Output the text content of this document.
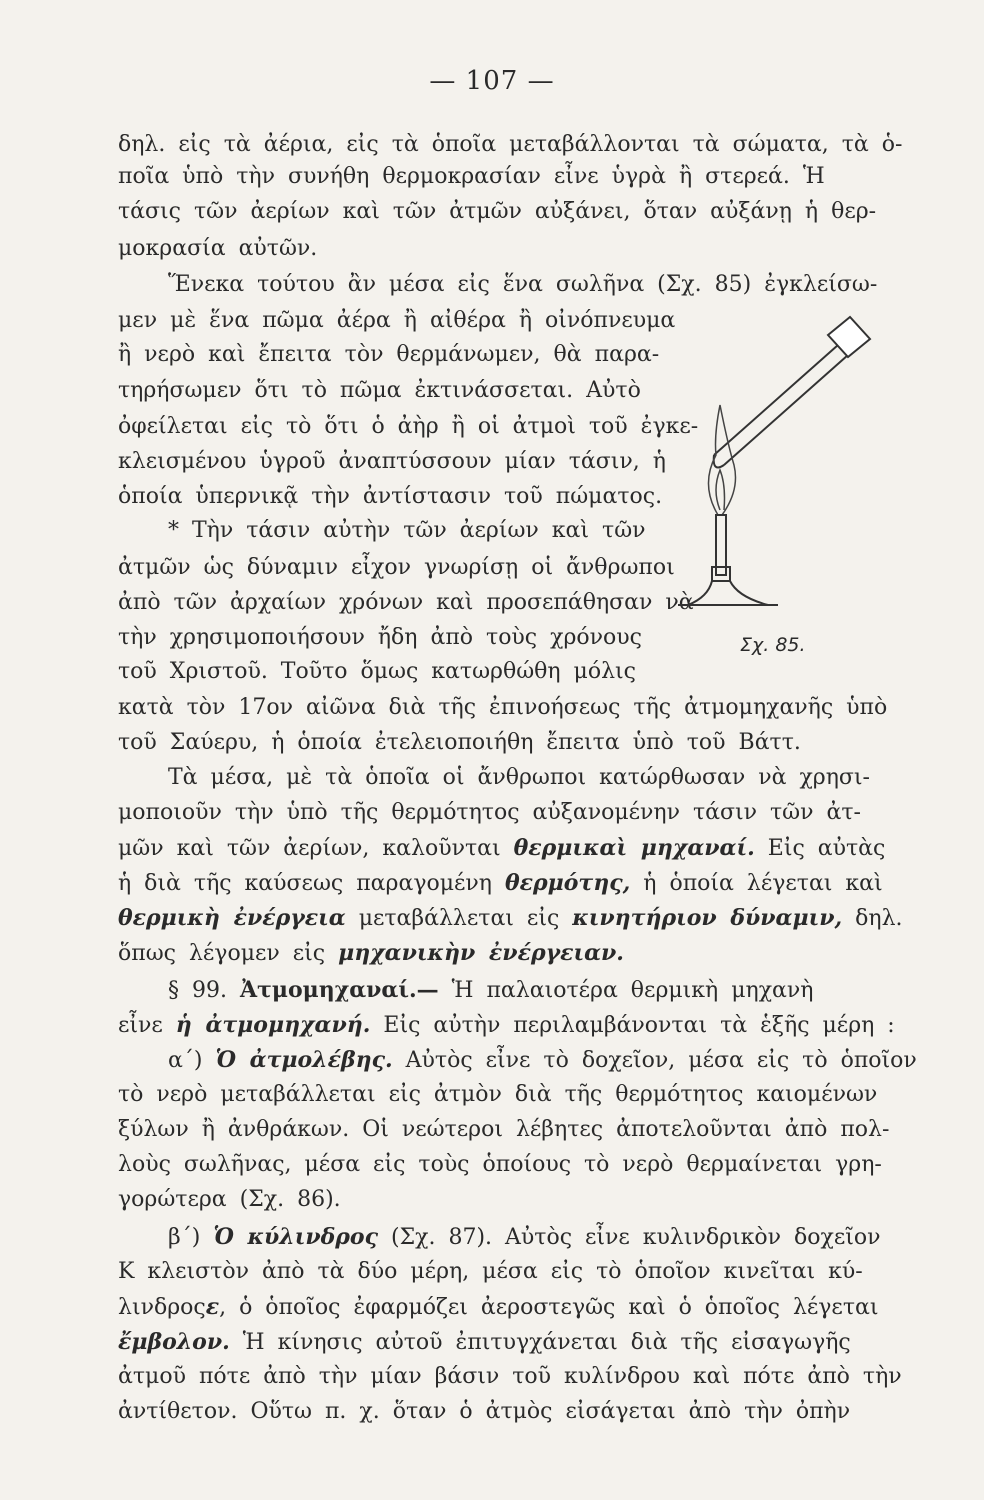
— 107 —
δηλ. εἰς τὰ ἀέρια, εἰς τὰ ὁποῖα μεταβάλλονται τὰ σώματα, τὰ ὁ-
ποῖα ὑπὸ τὴν συνήθη θερμοκρασίαν εἶνε ὑγρὰ ἢ στερεά. Ἡ
τάσις τῶν ἀερίων καὶ τῶν ἀτμῶν αὐξάνει, ὅταν αὐξάνῃ ἡ θερ-
μοκρασία αὐτῶν.
Ἕνεκα τούτου ἂν μέσα εἰς ἕνα σωλῆνα (Σχ. 85) ἐγκλείσω-
μεν μὲ ἕνα πῶμα ἀέρα ἢ αἰθέρα ἢ οἰνόπνευμα
ἢ νερὸ καὶ ἔπειτα τὸν θερμάνωμεν, θὰ παρα-
τηρήσωμεν ὅτι τὸ πῶμα ἐκτινάσσεται. Αὐτὸ
ὀφείλεται εἰς τὸ ὅτι ὁ ἀὴρ ἢ οἱ ἀτμοὶ τοῦ ἐγκε-
κλεισμένου ὑγροῦ ἀναπτύσσουν μίαν τάσιν, ἡ
ὁποία ὑπερνικᾷ τὴν ἀντίστασιν τοῦ πώματος.
* Τὴν τάσιν αὐτὴν τῶν ἀερίων καὶ τῶν
ἀτμῶν ὡς δύναμιν εἶχον γνωρίσῃ οἱ ἄνθρωποι
ἀπὸ τῶν ἀρχαίων χρόνων καὶ προσεπάθησαν νὰ
τὴν χρησιμοποιήσουν ἤδη ἀπὸ τοὺς χρόνους
τοῦ Χριστοῦ. Τοῦτο ὅμως κατωρθώθη μόλις
κατὰ τὸν 17ον αἰῶνα διὰ τῆς ἐπινοήσεως τῆς ἀτμομηχανῆς ὑπὸ
τοῦ Σαύερυ, ἡ ὁποία ἐτελειοποιήθη ἔπειτα ὑπὸ τοῦ Βάττ.
Τὰ μέσα, μὲ τὰ ὁποῖα οἱ ἄνθρωποι κατώρθωσαν νὰ χρησι-
μοποιοῦν τὴν ὑπὸ τῆς θερμότητος αὐξανομένην τάσιν τῶν ἀτ-
μῶν καὶ τῶν ἀερίων, καλοῦνται θερμικαὶ μηχαναί. Εἰς αὐτὰς
ἡ διὰ τῆς καύσεως παραγομένη θερμότης, ἡ ὁποία λέγεται καὶ
θερμικὴ ἐνέργεια μεταβάλλεται εἰς κινητήριον δύναμιν, δηλ.
ὅπως λέγομεν εἰς μηχανικὴν ἐνέργειαν.
§ 99. Ἀτμομηχαναί.— Ἡ παλαιοτέρα θερμικὴ μηχανὴ
εἶνε ἡ ἀτμομηχανή. Εἰς αὐτὴν περιλαμβάνονται τὰ ἑξῆς μέρη :
α΄) Ὁ ἀτμολέβης. Αὐτὸς εἶνε τὸ δοχεῖον, μέσα εἰς τὸ ὁποῖον
τὸ νερὸ μεταβάλλεται εἰς ἀτμὸν διὰ τῆς θερμότητος καιομένων
ξύλων ἢ ἀνθράκων. Οἱ νεώτεροι λέβητες ἀποτελοῦνται ἀπὸ πολ-
λοὺς σωλῆνας, μέσα εἰς τοὺς ὁποίους τὸ νερὸ θερμαίνεται γρη-
γορώτερα (Σχ. 86).
β΄) Ὁ κύλινδρος (Σχ. 87). Αὐτὸς εἶνε κυλινδρικὸν δοχεῖον
Κ κλειστὸν ἀπὸ τὰ δύο μέρη, μέσα εἰς τὸ ὁποῖον κινεῖται κύ-
λινδροςε, ὁ ὁποῖος ἐφαρμόζει ἀεροστεγῶς καὶ ὁ ὁποῖος λέγεται
ἔμβολον. Ἡ κίνησις αὐτοῦ ἐπιτυγχάνεται διὰ τῆς εἰσαγωγῆς
ἀτμοῦ πότε ἀπὸ τὴν μίαν βάσιν τοῦ κυλίνδρου καὶ πότε ἀπὸ τὴν
ἀντίθετον. Οὕτω π. χ. ὅταν ὁ ἀτμὸς εἰσάγεται ἀπὸ τὴν ὀπὴν
Σχ. 85.
